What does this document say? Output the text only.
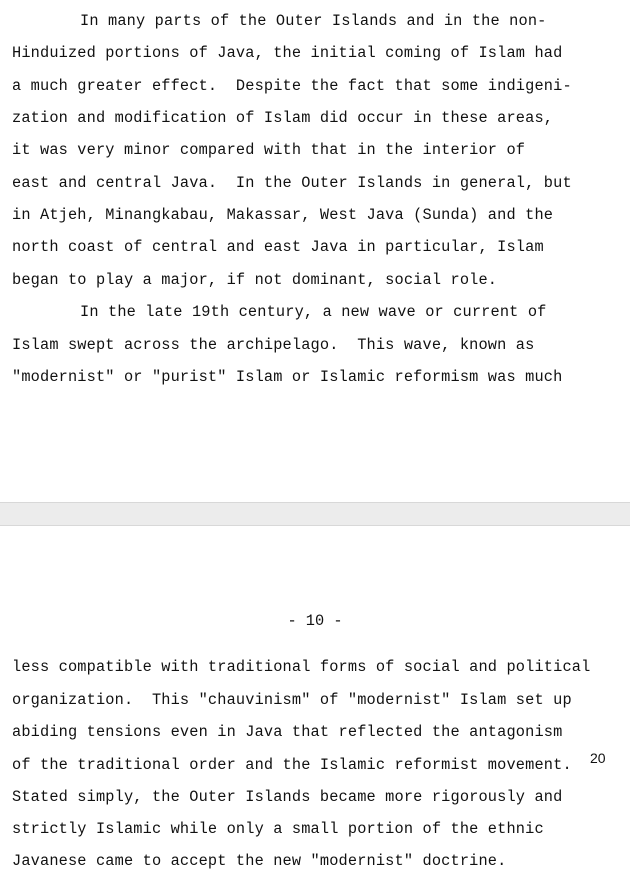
In many parts of the Outer Islands and in the non-
Hinduized portions of Java, the initial coming of Islam had
a much greater effect.  Despite the fact that some indigeni-
zation and modification of Islam did occur in these areas,
it was very minor compared with that in the interior of
east and central Java.  In the Outer Islands in general, but
in Atjeh, Minangkabau, Makassar, West Java (Sunda) and the
north coast of central and east Java in particular, Islam
began to play a major, if not dominant, social role.
In the late 19th century, a new wave or current of
Islam swept across the archipelago.  This wave, known as
"modernist" or "purist" Islam or Islamic reformism was much
- 10 -
less compatible with traditional forms of social and political
organization.  This "chauvinism" of "modernist" Islam set up
abiding tensions even in Java that reflected the antagonism
20
of the traditional order and the Islamic reformist movement.
Stated simply, the Outer Islands became more rigorously and
strictly Islamic while only a small portion of the ethnic
Javanese came to accept the new "modernist" doctrine.
